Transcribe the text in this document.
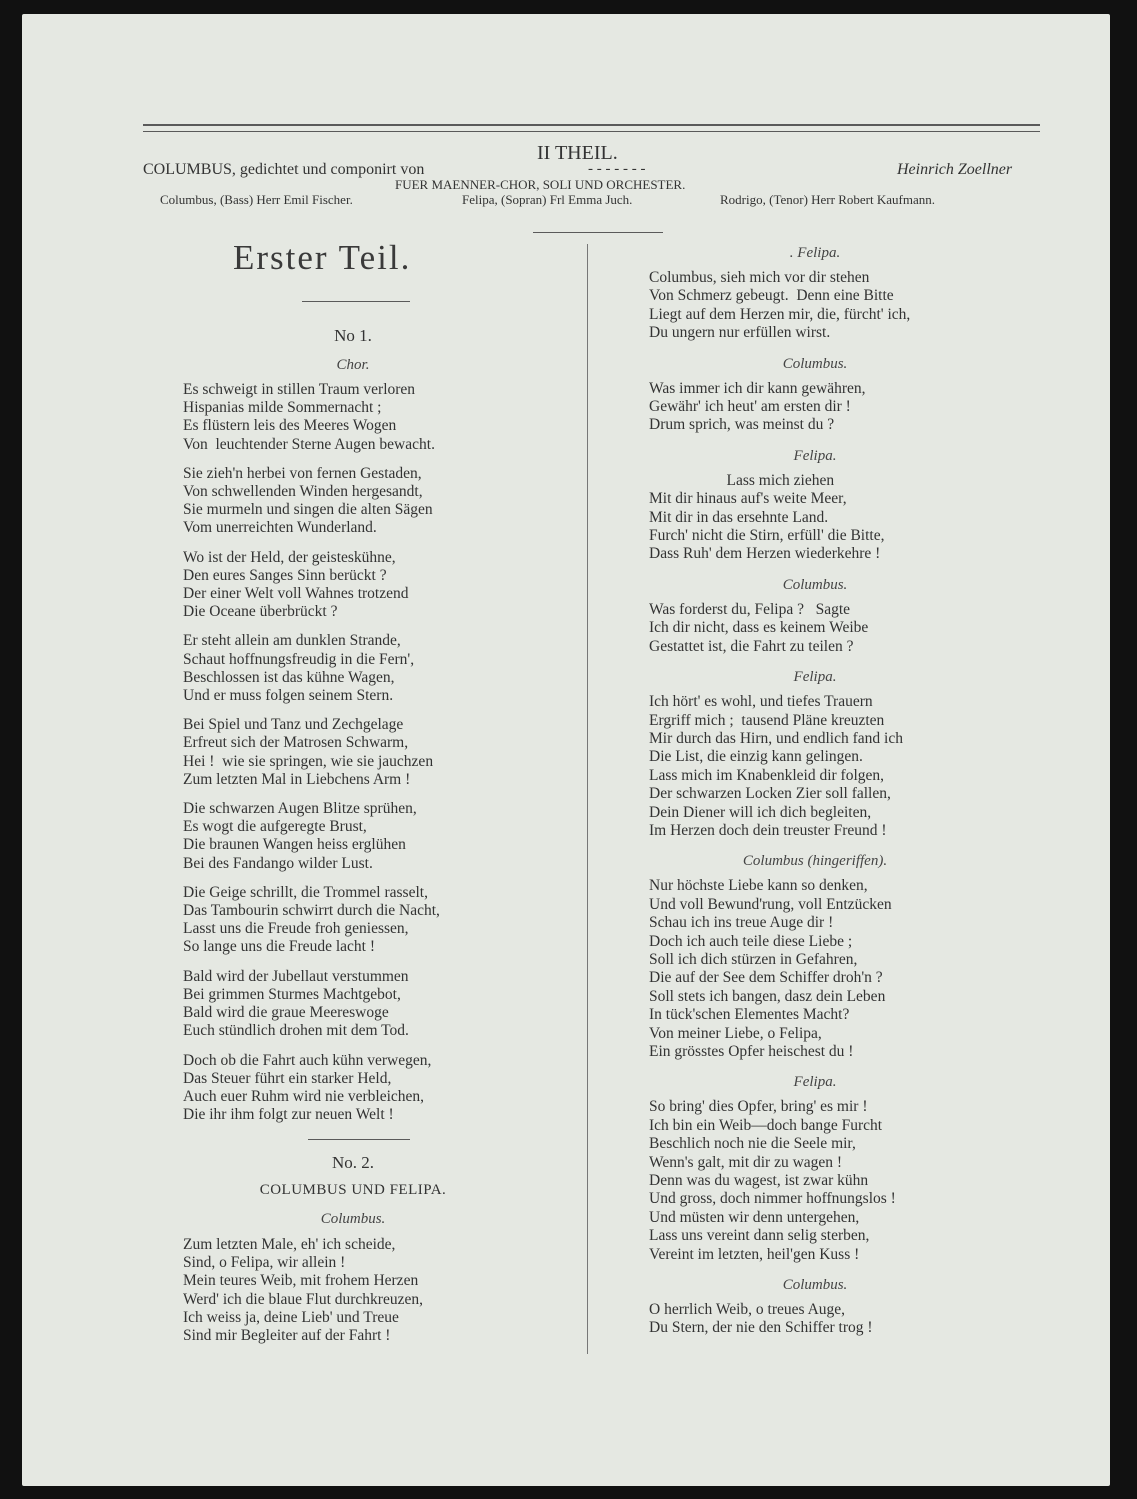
II THEIL.
COLUMBUS, gedichtet und componirt von	- - - - - - -	Heinrich Zoellner
FUER MAENNER-CHOR, SOLI UND ORCHESTER.
Columbus, (Bass) Herr Emil Fischer.	Felipa, (Sopran) Frl Emma Juch.	Rodrigo, (Tenor) Herr Robert Kaufmann.
Erster Teil.
No 1.
Chor.
Es schweigt in stillen Traum verloren
Hispanias milde Sommernacht ;
Es flüstern leis des Meeres Wogen
Von  leuchtender Sterne Augen bewacht.
Sie zieh'n herbei von fernen Gestaden,
Von schwellenden Winden hergesandt,
Sie murmeln und singen die alten Sägen
Vom unerreichten Wunderland.
Wo ist der Held, der geisteskühne,
Den eures Sanges Sinn berückt ?
Der einer Welt voll Wahnes trotzend
Die Oceane überbrückt ?
Er steht allein am dunklen Strande,
Schaut hoffnungsfreudig in die Fern',
Beschlossen ist das kühne Wagen,
Und er muss folgen seinem Stern.
Bei Spiel und Tanz und Zechgelage
Erfreut sich der Matrosen Schwarm,
Hei !  wie sie springen, wie sie jauchzen
Zum letzten Mal in Liebchens Arm !
Die schwarzen Augen Blitze sprühen,
Es wogt die aufgeregte Brust,
Die braunen Wangen heiss erglühen
Bei des Fandango wilder Lust.
Die Geige schrillt, die Trommel rasselt,
Das Tambourin schwirrt durch die Nacht,
Lasst uns die Freude froh geniessen,
So lange uns die Freude lacht !
Bald wird der Jubellaut verstummen
Bei grimmen Sturmes Machtgebot,
Bald wird die graue Meereswoge
Euch stündlich drohen mit dem Tod.
Doch ob die Fahrt auch kühn verwegen,
Das Steuer führt ein starker Held,
Auch euer Ruhm wird nie verbleichen,
Die ihr ihm folgt zur neuen Welt !
No. 2.
COLUMBUS UND FELIPA.
Columbus.
Zum letzten Male, eh' ich scheide,
Sind, o Felipa, wir allein !
Mein teures Weib, mit frohem Herzen
Werd' ich die blaue Flut durchkreuzen,
Ich weiss ja, deine Lieb' und Treue
Sind mir Begleiter auf der Fahrt !
. Felipa.
Columbus, sieh mich vor dir stehen
Von Schmerz gebeugt.  Denn eine Bitte
Liegt auf dem Herzen mir, die, fürcht' ich,
Du ungern nur erfüllen wirst.
Columbus.
Was immer ich dir kann gewähren,
Gewähr' ich heut' am ersten dir !
Drum sprich, was meinst du ?
Felipa.
Lass mich ziehen
Mit dir hinaus auf's weite Meer,
Mit dir in das ersehnte Land.
Furch' nicht die Stirn, erfüll' die Bitte,
Dass Ruh' dem Herzen wiederkehre !
Columbus.
Was forderst du, Felipa ?   Sagte
Ich dir nicht, dass es keinem Weibe
Gestattet ist, die Fahrt zu teilen ?
Felipa.
Ich hört' es wohl, und tiefes Trauern
Ergriff mich ;  tausend Pläne kreuzten
Mir durch das Hirn, und endlich fand ich
Die List, die einzig kann gelingen.
Lass mich im Knabenkleid dir folgen,
Der schwarzen Locken Zier soll fallen,
Dein Diener will ich dich begleiten,
Im Herzen doch dein treuster Freund !
Columbus (hingeriffen).
Nur höchste Liebe kann so denken,
Und voll Bewund'rung, voll Entzücken
Schau ich ins treue Auge dir !
Doch ich auch teile diese Liebe ;
Soll ich dich stürzen in Gefahren,
Die auf der See dem Schiffer droh'n ?
Soll stets ich bangen, dasz dein Leben
In tück'schen Elementes Macht?
Von meiner Liebe, o Felipa,
Ein grösstes Opfer heischest du !
Felipa.
So bring' dies Opfer, bring' es mir !
Ich bin ein Weib—doch bange Furcht
Beschlich noch nie die Seele mir,
Wenn's galt, mit dir zu wagen !
Denn was du wagest, ist zwar kühn
Und gross, doch nimmer hoffnungslos !
Und müsten wir denn untergehen,
Lass uns vereint dann selig sterben,
Vereint im letzten, heil'gen Kuss !
Columbus.
O herrlich Weib, o treues Auge,
Du Stern, der nie den Schiffer trog !
